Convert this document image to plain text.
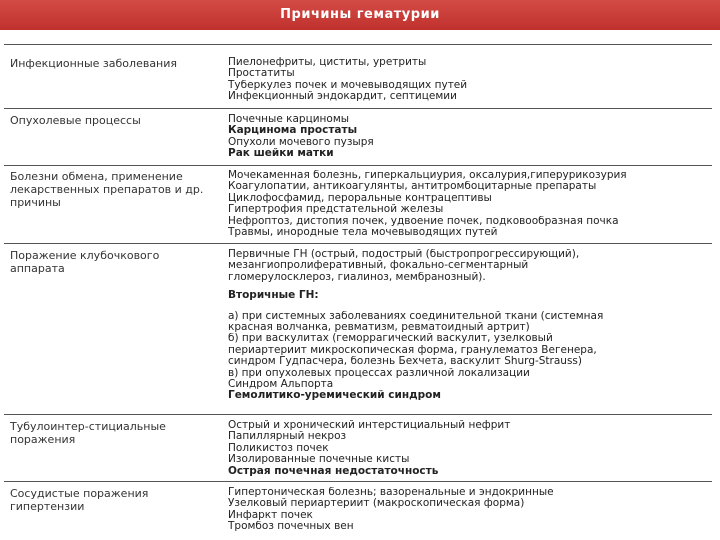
Причины гематурии
Инфекционные заболевания	Пиелонефриты, циститы, уретриты
Простатиты
Туберкулез почек и мочевыводящих путей
Инфекционный эндокардит, септицемии
Опухолевые процессы	Почечные карциномы
Карцинома простаты
Опухоли мочевого пузыря
Рак шейки матки
Болезни обмена, применение лекарственных препаратов и др. причины
Мочекаменная болезнь, гиперкальциурия, оксалурия,гиперурикозурия
Коагулопатии, антикоагулянты, антитромбоцитарные препараты
Циклофосфамид, пероральные контрацептивы
Гипертрофия предстательной железы
Нефроптоз, дистопия почек, удвоение почек, подковообразная почка
Травмы, инородные тела мочевыводящих путей
Поражение клубочкового аппарата
Первичные ГН (острый, подострый (быстропрогрессирующий),
мезангиопролиферативный, фокально-сегментарный
гломерулосклероз, гиалиноз, мембранозный).
Вторичные ГН:
а) при системных заболеваниях соединительной ткани (системная
красная волчанка, ревматизм, ревматоидный артрит)
б) при васкулитах (геморрагический васкулит, узелковый
периартериит микроскопическая форма, гранулематоз Вегенера,
синдром Гудпасчера, болезнь Бехчета, васкулит Shurg-Strauss)
в) при опухолевых процессах различной локализации
Синдром Альпорта
Гемолитико-уремический синдром
Тубулоинтер-стициальные поражения
Острый и хронический интерстициальный нефрит
Папиллярный некроз
Поликистоз почек
Изолированные почечные кисты
Острая почечная недостаточность
Сосудистые поражения гипертензии
Гипертоническая болезнь; вазоренальные и эндокринные
Узелковый периартериит (макроскопическая форма)
Инфаркт почек
Тромбоз почечных вен
